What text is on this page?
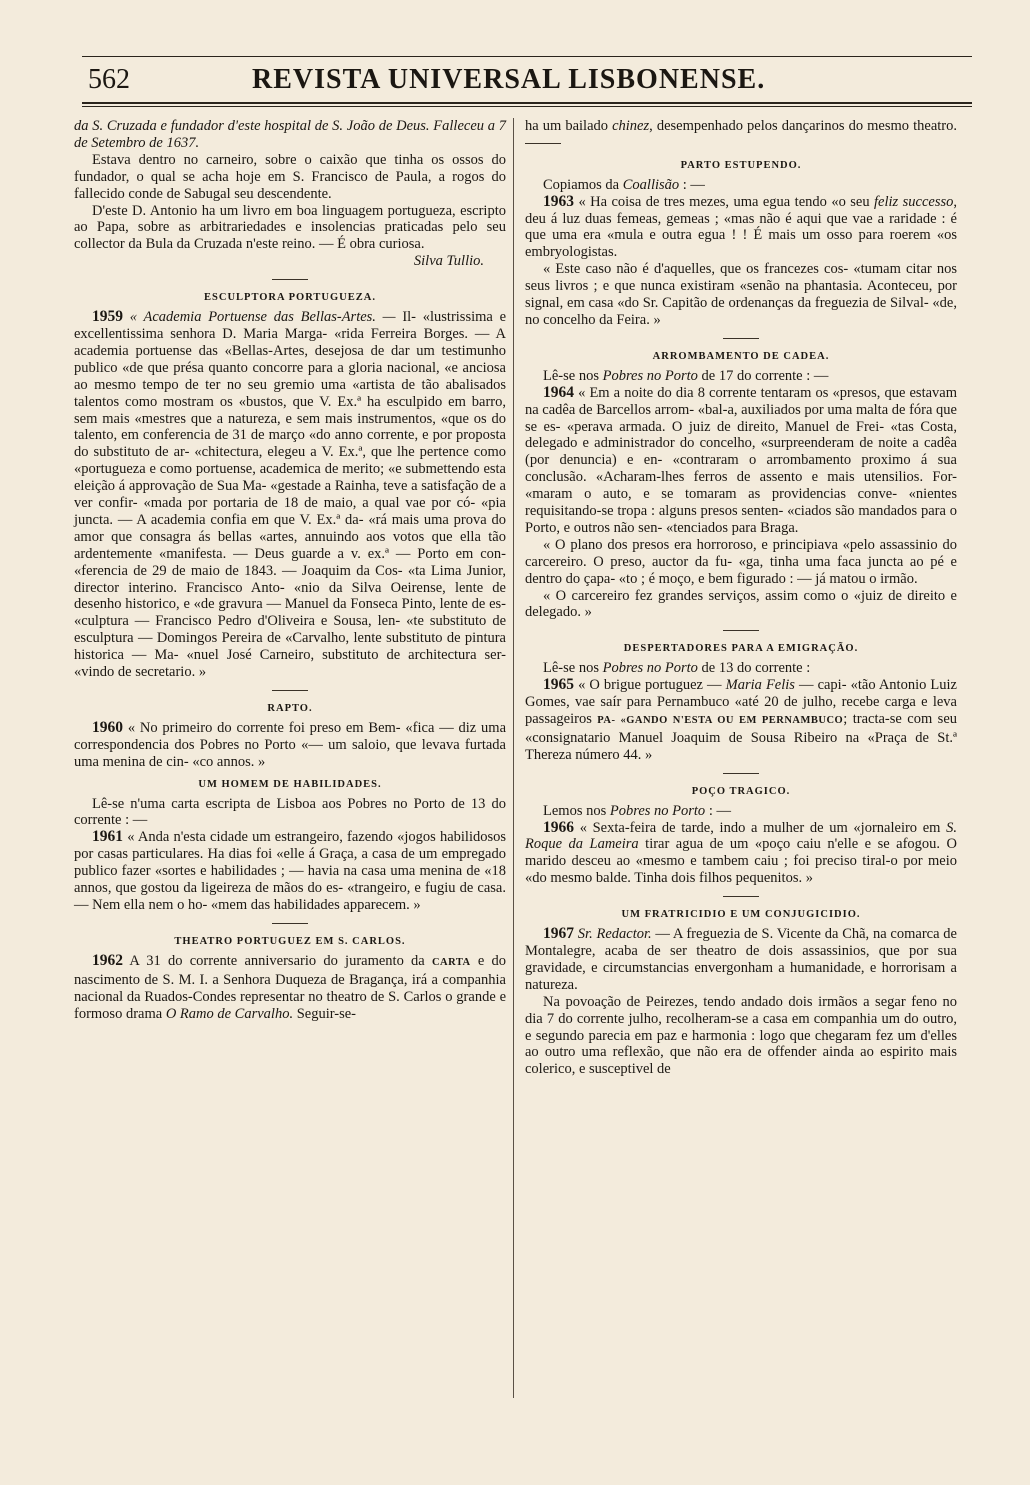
562	REVISTA UNIVERSAL LISBONENSE.

da S. Cruzada e fundador d'este hospital de S. João de Deus. Falleceu a 7 de Setembro de 1637.

Estava dentro no carneiro, sobre o caixão que tinha os ossos do fundador, o qual se acha hoje em S. Francisco de Paula, a rogos do fallecido conde de Sabugal seu descendente.

D'este D. Antonio ha um livro em boa linguagem portugueza, escripto ao Papa, sobre as arbitrariedades e insolencias praticadas pelo seu collector da Bula da Cruzada n'este reino. — É obra curiosa.

Silva Tullio.

ESCULPTORA PORTUGUEZA.

1959 « Academia Portuense das Bellas-Artes. — Il- «lustrissima e excellentissima senhora D. Maria Marga- «rida Ferreira Borges. — A academia portuense das «Bellas-Artes, desejosa de dar um testimunho publico «de que présa quanto concorre para a gloria nacional, «e anciosa ao mesmo tempo de ter no seu gremio uma «artista de tão abalisados talentos como mostram os «bustos, que V. Ex.ª ha esculpido em barro, sem mais «mestres que a natureza, e sem mais instrumentos, «que os do talento, em conferencia de 31 de março «do anno corrente, e por proposta do substituto de ar- «chitectura, elegeu a V. Ex.ª, que lhe pertence como «portugueza e como portuense, academica de merito; «e submettendo esta eleição á approvação de Sua Ma- «gestade a Rainha, teve a satisfação de a ver confir- «mada por portaria de 18 de maio, a qual vae por có- «pia juncta. — A academia confia em que V. Ex.ª da- «rá mais uma prova do amor que consagra ás bellas «artes, annuindo aos votos que ella tão ardentemente «manifesta. — Deus guarde a v. ex.ª — Porto em con- «ferencia de 29 de maio de 1843. — Joaquim da Cos- «ta Lima Junior, director interino. Francisco Anto- «nio da Silva Oeirense, lente de desenho historico, e «de gravura — Manuel da Fonseca Pinto, lente de es- «culptura — Francisco Pedro d'Oliveira e Sousa, len- «te substituto de esculptura — Domingos Pereira de «Carvalho, lente substituto de pintura historica — Ma- «nuel José Carneiro, substituto de architectura ser- «vindo de secretario. »

RAPTO.

1960 « No primeiro do corrente foi preso em Bem- «fica — diz uma correspondencia dos Pobres no Porto «— um saloio, que levava furtada uma menina de cin- «co annos. »

UM HOMEM DE HABILIDADES.

Lê-se n'uma carta escripta de Lisboa aos Pobres no Porto de 13 do corrente : —

1961 « Anda n'esta cidade um estrangeiro, fazendo «jogos habilidosos por casas particulares. Ha dias foi «elle á Graça, a casa de um empregado publico fazer «sortes e habilidades ; — havia na casa uma menina de «18 annos, que gostou da ligeireza de mãos do es- «trangeiro, e fugiu de casa. — Nem ella nem o ho- «mem das habilidades apparecem. »

THEATRO PORTUGUEZ EM S. CARLOS.

1962 A 31 do corrente anniversario do juramento da CARTA e do nascimento de S. M. I. a Senhora Duqueza de Bragança, irá a companhia nacional da Ruados-Condes representar no theatro de S. Carlos o grande e formoso drama O Ramo de Carvalho. Seguir-se-

ha um bailado chinez, desempenhado pelos dançarinos do mesmo theatro.

PARTO ESTUPENDO.

Copiamos da Coallisão : —

1963 « Ha coisa de tres mezes, uma egua tendo «o seu feliz successo, deu á luz duas femeas, gemeas ; «mas não é aqui que vae a raridade : é que uma era «mula e outra egua ! ! É mais um osso para roerem «os embryologistas.

« Este caso não é d'aquelles, que os francezes cos- «tumam citar nos seus livros ; e que nunca existiram «senão na phantasia. Aconteceu, por signal, em casa «do Sr. Capitão de ordenanças da freguezia de Silval- «de, no concelho da Feira. »

ARROMBAMENTO DE CADEA.

Lê-se nos Pobres no Porto de 17 do corrente : —

1964 « Em a noite do dia 8 corrente tentaram os «presos, que estavam na cadêa de Barcellos arrom- «bal-a, auxiliados por uma malta de fóra que se es- «perava armada. O juiz de direito, Manuel de Frei- «tas Costa, delegado e administrador do concelho, «surpreenderam de noite a cadêa (por denuncia) e en- «contraram o arrombamento proximo á sua conclusão. «Acharam-lhes ferros de assento e mais utensilios. For- «maram o auto, e se tomaram as providencias conve- «nientes requisitando-se tropa : alguns presos senten- «ciados são mandados para o Porto, e outros não sen- «tenciados para Braga.

« O plano dos presos era horroroso, e principiava «pelo assassinio do carcereiro. O preso, auctor da fu- «ga, tinha uma faca juncta ao pé e dentro do çapa- «to ; é moço, e bem figurado : — já matou o irmão.

« O carcereiro fez grandes serviços, assim como o «juiz de direito e delegado. »

DESPERTADORES PARA A EMIGRAÇÃO.

Lê-se nos Pobres no Porto de 13 do corrente :

1965 « O brigue portuguez — Maria Felis — capi- «tão Antonio Luiz Gomes, vae saír para Pernambuco «até 20 de julho, recebe carga e leva passageiros PA- «GANDO N'ESTA OU EM PERNAMBUCO; tracta-se com seu «consignatario Manuel Joaquim de Sousa Ribeiro na «Praça de St.ª Thereza número 44. »

POÇO TRAGICO.

Lemos nos Pobres no Porto : —

1966 « Sexta-feira de tarde, indo a mulher de um «jornaleiro em S. Roque da Lameira tirar agua de um «poço caiu n'elle e se afogou. O marido desceu ao «mesmo e tambem caiu ; foi preciso tiral-o por meio «do mesmo balde. Tinha dois filhos pequenitos. »

UM FRATRICIDIO E UM CONJUGICIDIO.

1967 Sr. Redactor. — A freguezia de S. Vicente da Chã, na comarca de Montalegre, acaba de ser theatro de dois assassinios, que por sua gravidade, e circumstancias envergonham a humanidade, e horrorisam a natureza.

Na povoação de Peirezes, tendo andado dois irmãos a segar feno no dia 7 do corrente julho, recolheram-se a casa em companhia um do outro, e segundo parecia em paz e harmonia : logo que chegaram fez um d'elles ao outro uma reflexão, que não era de offender ainda ao espirito mais colerico, e susceptivel de
